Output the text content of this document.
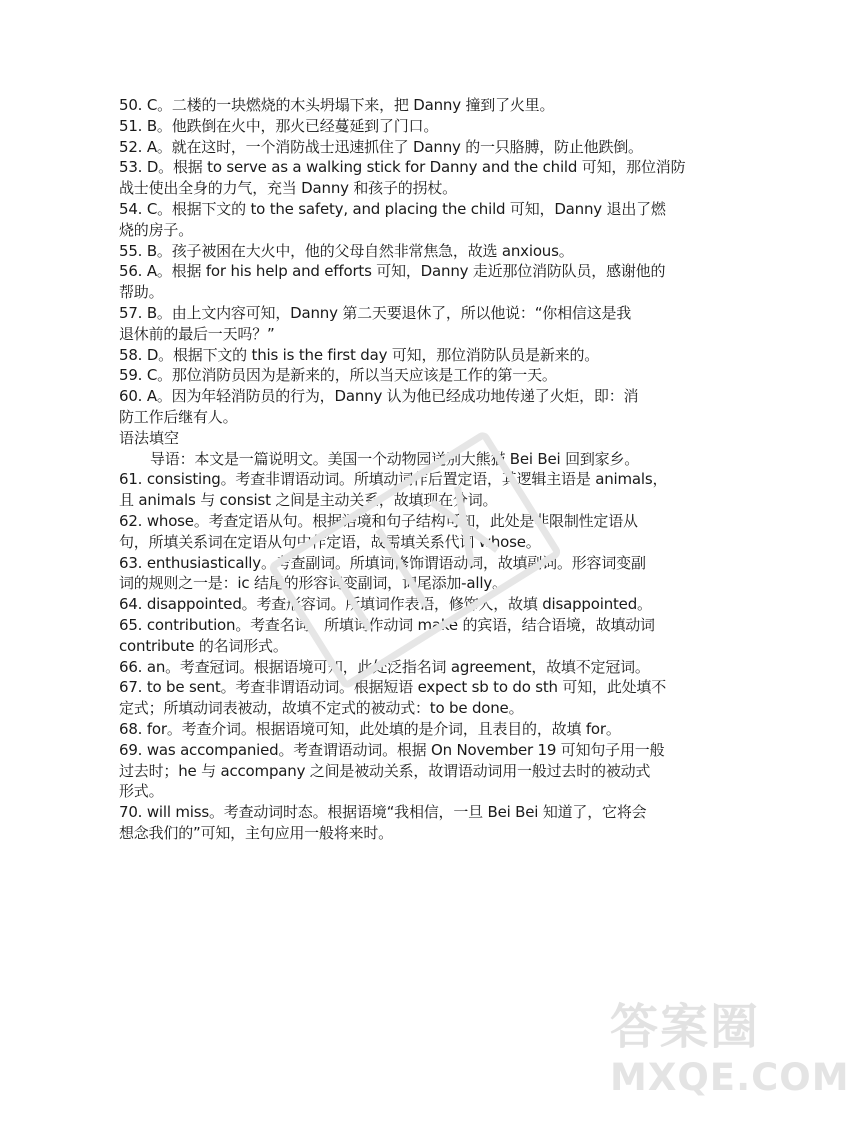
50. C。二楼的一块燃烧的木头坍塌下来，把 Danny 撞到了火里。
51. B。他跌倒在火中，那火已经蔓延到了门口。
52. A。就在这时，一个消防战士迅速抓住了 Danny 的一只胳膊，防止他跌倒。
53. D。根据 to serve as a walking stick for Danny and the child 可知，那位消防
战士使出全身的力气，充当 Danny 和孩子的拐杖。
54. C。根据下文的 to the safety, and placing the child 可知，Danny 退出了燃
烧的房子。
55. B。孩子被困在大火中，他的父母自然非常焦急，故选 anxious。
56. A。根据 for his help and efforts 可知，Danny 走近那位消防队员，感谢他的
帮助。
57. B。由上文内容可知，Danny 第二天要退休了，所以他说：“你相信这是我
退休前的最后一天吗？”
58. D。根据下文的 this is the first day 可知，那位消防队员是新来的。
59. C。那位消防员因为是新来的，所以当天应该是工作的第一天。
60. A。因为年轻消防员的行为，Danny 认为他已经成功地传递了火炬，即：消
防工作后继有人。
语法填空
导语：本文是一篇说明文。美国一个动物园送别大熊猫 Bei Bei 回到家乡。
61. consisting。考查非谓语动词。所填动词作后置定语，其逻辑主语是 animals，
且 animals 与 consist 之间是主动关系，故填现在分词。
62. whose。考查定语从句。根据语境和句子结构可知，此处是非限制性定语从
句，所填关系词在定语从句中作定语，故需填关系代词 whose。
63. enthusiastically。考查副词。所填词修饰谓语动词，故填副词。形容词变副
词的规则之一是：ic 结尾的形容词变副词，词尾添加-ally。
64. disappointed。考查形容词。所填词作表语，修饰人，故填 disappointed。
65. contribution。考查名词。所填词作动词 make 的宾语，结合语境，故填动词
contribute 的名词形式。
66. an。考查冠词。根据语境可知，此处泛指名词 agreement，故填不定冠词。
67. to be sent。考查非谓语动词。根据短语 expect sb to do sth 可知，此处填不
定式；所填动词表被动，故填不定式的被动式：to be done。
68. for。考查介词。根据语境可知，此处填的是介词，且表目的，故填 for。
69. was accompanied。考查谓语动词。根据 On November 19 可知句子用一般
过去时；he 与 accompany 之间是被动关系，故谓语动词用一般过去时的被动式
形式。
70. will miss。考查动词时态。根据语境“我相信，一旦 Bei Bei 知道了，它将会
想念我们的”可知，主句应用一般将来时。
答案圈
MXQE.COM
